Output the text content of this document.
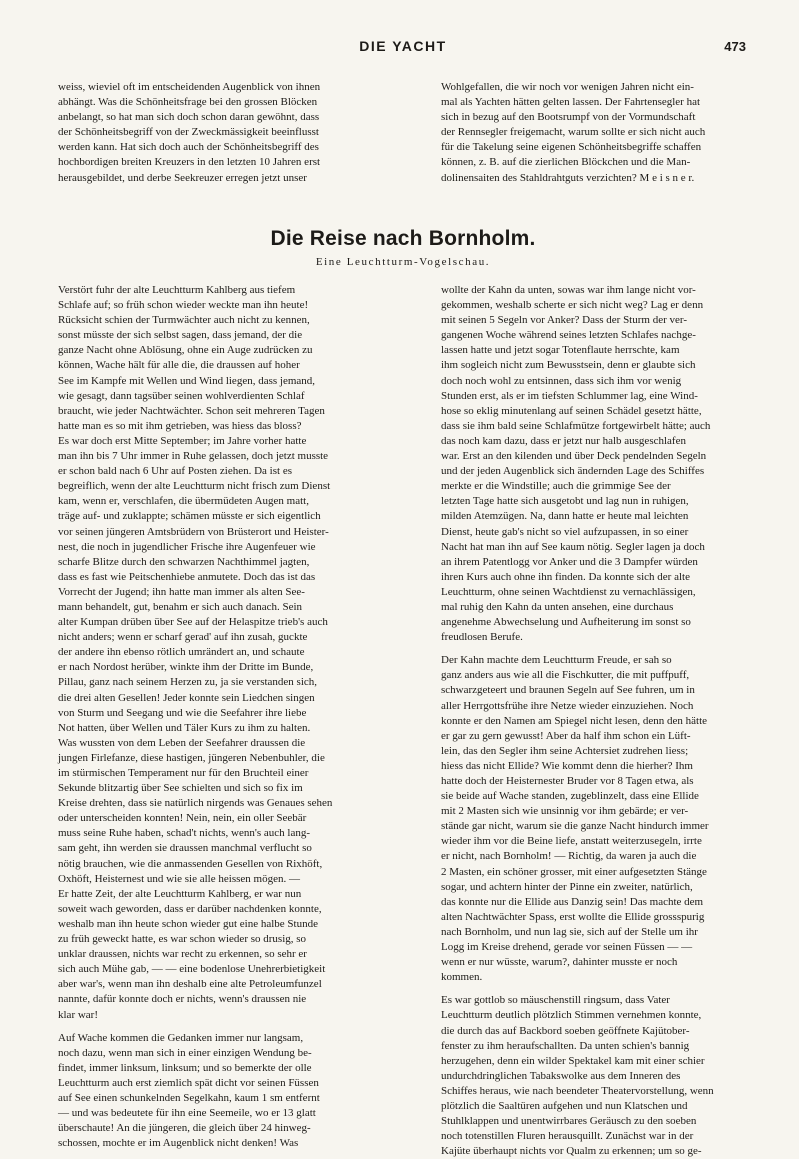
DIE YACHT	473
weiss, wieviel oft im entscheidenden Augenblick von ihnen
abhängt. Was die Schönheitsfrage bei den grossen Blöcken
anbelangt, so hat man sich doch schon daran gewöhnt, dass
der Schönheitsbegriff von der Zweckmässigkeit beeinflusst
werden kann. Hat sich doch auch der Schönheitsbegriff des
hochbordigen breiten Kreuzers in den letzten 10 Jahren erst
herausgebildet, und derbe Seekreuzer erregen jetzt unser
Wohlgefallen, die wir noch vor wenigen Jahren nicht ein-
mal als Yachten hätten gelten lassen. Der Fahrtensegler hat
sich in bezug auf den Bootsrumpf von der Vormundschaft
der Rennsegler freigemacht, warum sollte er sich nicht auch
für die Takelung seine eigenen Schönheitsbegriffe schaffen
können, z. B. auf die zierlichen Blöckchen und die Man-
dolinensaiten des Stahldrahtguts verzichten? M e i s n e r.
Die Reise nach Bornholm.
Eine Leuchtturm-Vogelschau.
Verstört fuhr der alte Leuchtturm Kahlberg aus tiefem
Schlafe auf; so früh schon wieder weckte man ihn heute!
Rücksicht schien der Turmwächter auch nicht zu kennen,
sonst müsste der sich selbst sagen, dass jemand, der die
ganze Nacht ohne Ablösung, ohne ein Auge zudrücken zu
können, Wache hält für alle die, die draussen auf hoher
See im Kampfe mit Wellen und Wind liegen, dass jemand,
wie gesagt, dann tagsüber seinen wohlverdienten Schlaf
braucht, wie jeder Nachtwächter. Schon seit mehreren Tagen
hatte man es so mit ihm getrieben, was hiess das bloss?
Es war doch erst Mitte September; im Jahre vorher hatte
man ihn bis 7 Uhr immer in Ruhe gelassen, doch jetzt musste
er schon bald nach 6 Uhr auf Posten ziehen. Da ist es
begreiflich, wenn der alte Leuchtturm nicht frisch zum Dienst
kam, wenn er, verschlafen, die übermüdeten Augen matt,
träge auf- und zuklappte; schämen müsste er sich eigentlich
vor seinen jüngeren Amtsbrüdern von Brüsterort und Heister-
nest, die noch in jugendlicher Frische ihre Augenfeuer wie
scharfe Blitze durch den schwarzen Nachthimmel jagten,
dass es fast wie Peitschenhiebe anmutete. Doch das ist das
Vorrecht der Jugend; ihn hatte man immer als alten See-
mann behandelt, gut, benahm er sich auch danach. Sein
alter Kumpan drüben über See auf der Helaspitze trieb's auch
nicht anders; wenn er scharf gerad' auf ihn zusah, guckte
der andere ihn ebenso rötlich umrändert an, und schaute
er nach Nordost herüber, winkte ihm der Dritte im Bunde,
Pillau, ganz nach seinem Herzen zu, ja sie verstanden sich,
die drei alten Gesellen! Jeder konnte sein Liedchen singen
von Sturm und Seegang und wie die Seefahrer ihre liebe
Not hatten, über Wellen und Täler Kurs zu ihm zu halten.
Was wussten von dem Leben der Seefahrer draussen die
jungen Firlefanze, diese hastigen, jüngeren Nebenbuhler, die
im stürmischen Temperament nur für den Bruchteil einer
Sekunde blitzartig über See schielten und sich so fix im
Kreise drehten, dass sie natürlich nirgends was Genaues sehen
oder unterscheiden konnten! Nein, nein, ein oller Seebär
muss seine Ruhe haben, schad't nichts, wenn's auch lang-
sam geht, ihn werden sie draussen manchmal verflucht so
nötig brauchen, wie die anmassenden Gesellen von Rixhöft,
Oxhöft, Heisternest und wie sie alle heissen mögen. —
Er hatte Zeit, der alte Leuchtturm Kahlberg, er war nun
soweit wach geworden, dass er darüber nachdenken konnte,
weshalb man ihn heute schon wieder gut eine halbe Stunde
zu früh geweckt hatte, es war schon wieder so drusig, so
unklar draussen, nichts war recht zu erkennen, so sehr er
sich auch Mühe gab, — — eine bodenlose Unehrerbietigkeit
aber war's, wenn man ihn deshalb eine alte Petroleumfunzel
nannte, dafür konnte doch er nichts, wenn's draussen nie
klar war!
Auf Wache kommen die Gedanken immer nur langsam,
noch dazu, wenn man sich in einer einzigen Wendung be-
findet, immer linksum, linksum; und so bemerkte der olle
Leuchtturm auch erst ziemlich spät dicht vor seinen Füssen
auf See einen schunkelnden Segelkahn, kaum 1 sm entfernt
— und was bedeutete für ihn eine Seemeile, wo er 13 glatt
überschaute! An die jüngeren, die gleich über 24 hinweg-
schossen, mochte er im Augenblick nicht denken! Was
wollte der Kahn da unten, sowas war ihm lange nicht vor-
gekommen, weshalb scherte er sich nicht weg? Lag er denn
mit seinen 5 Segeln vor Anker? Dass der Sturm der ver-
gangenen Woche während seines letzten Schlafes nachge-
lassen hatte und jetzt sogar Totenflaute herrschte, kam
ihm sogleich nicht zum Bewusstsein, denn er glaubte sich
doch noch wohl zu entsinnen, dass sich ihm vor wenig
Stunden erst, als er im tiefsten Schlummer lag, eine Wind-
hose so eklig minutenlang auf seinen Schädel gesetzt hätte,
dass sie ihm bald seine Schlafmütze fortgewirbelt hätte; auch
das noch kam dazu, dass er jetzt nur halb ausgeschlafen
war. Erst an den kilenden und über Deck pendelnden Segeln
und der jeden Augenblick sich ändernden Lage des Schiffes
merkte er die Windstille; auch die grimmige See der
letzten Tage hatte sich ausgetobt und lag nun in ruhigen,
milden Atemzügen. Na, dann hatte er heute mal leichten
Dienst, heute gab's nicht so viel aufzupassen, in so einer
Nacht hat man ihn auf See kaum nötig. Segler lagen ja doch
an ihrem Patentlogg vor Anker und die 3 Dampfer würden
ihren Kurs auch ohne ihn finden. Da konnte sich der alte
Leuchtturm, ohne seinen Wachtdienst zu vernachlässigen,
mal ruhig den Kahn da unten ansehen, eine durchaus
angenehme Abwechselung und Aufheiterung im sonst so
freudlosen Berufe.
Der Kahn machte dem Leuchtturm Freude, er sah so
ganz anders aus wie all die Fischkutter, die mit puffpuff,
schwarzgeteert und braunen Segeln auf See fuhren, um in
aller Herrgottsfrühe ihre Netze wieder einzuziehen. Noch
konnte er den Namen am Spiegel nicht lesen, denn den hätte
er gar zu gern gewusst! Aber da half ihm schon ein Lüft-
lein, das den Segler ihm seine Achtersiet zudrehen liess;
hiess das nicht Ellide? Wie kommt denn die hierher? Ihm
hatte doch der Heisternester Bruder vor 8 Tagen etwa, als
sie beide auf Wache standen, zugeblinzelt, dass eine Ellide
mit 2 Masten sich wie unsinnig vor ihm gebärde; er ver-
stände gar nicht, warum sie die ganze Nacht hindurch immer
wieder ihm vor die Beine liefe, anstatt weiterzusegeln, irrte
er nicht, nach Bornholm! — Richtig, da waren ja auch die
2 Masten, ein schöner grosser, mit einer aufgesetzten Stänge
sogar, und achtern hinter der Pinne ein zweiter, natürlich,
das konnte nur die Ellide aus Danzig sein! Das machte dem
alten Nachtwächter Spass, erst wollte die Ellide grossspurig
nach Bornholm, und nun lag sie, sich auf der Stelle um ihr
Logg im Kreise drehend, gerade vor seinen Füssen — —
wenn er nur wüsste, warum?, dahinter musste er noch
kommen.
Es war gottlob so mäuschenstill ringsum, dass Vater
Leuchtturm deutlich plötzlich Stimmen vernehmen konnte,
die durch das auf Backbord soeben geöffnete Kajütober-
fenster zu ihm heraufschallten. Da unten schien's bannig
herzugehen, denn ein wilder Spektakel kam mit einer schier
undurchdringlichen Tabakswolke aus dem Inneren des
Schiffes heraus, wie nach beendeter Theatervorstellung, wenn
plötzlich die Saaltüren aufgehen und nun Klatschen und
Stuhlklappen und unentwirrbares Geräusch zu den soeben
noch totenstillen Fluren herausquillt. Zunächst war in der
Kajüte überhaupt nichts vor Qualm zu erkennen; um so ge-
